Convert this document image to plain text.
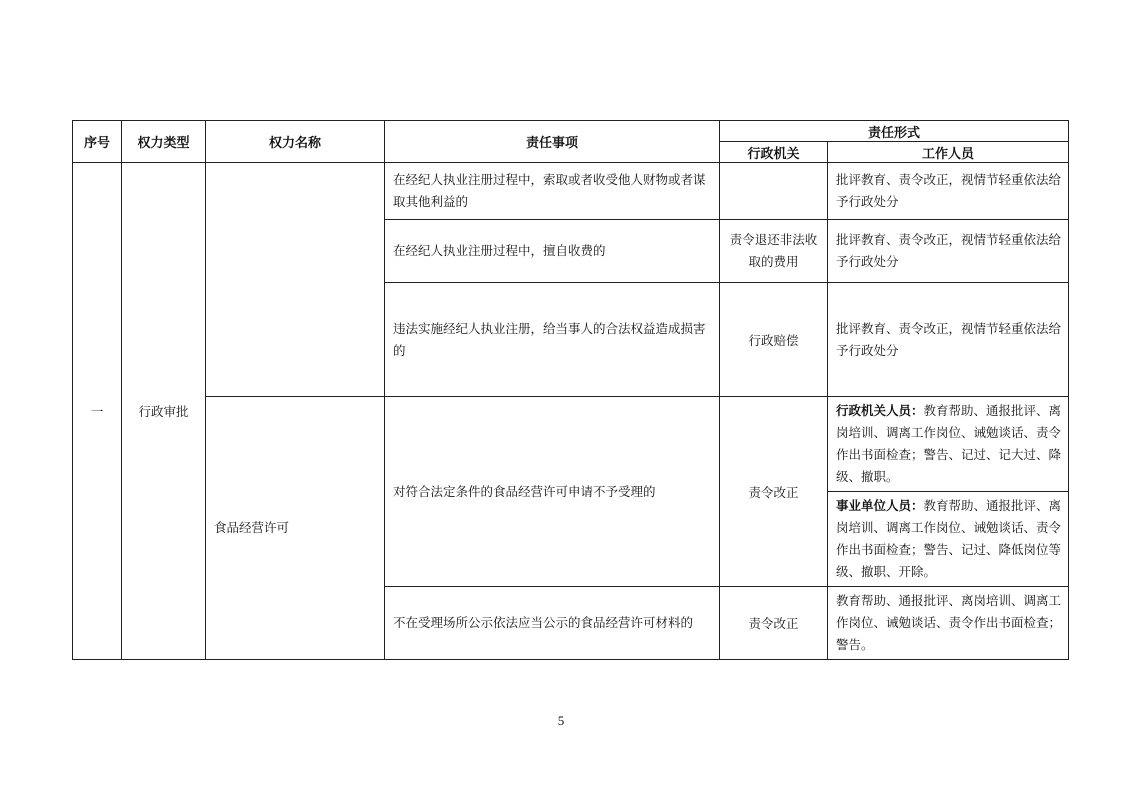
序号	权力类型	权力名称	责任事项	责任形式	
				行政机关	工作人员
一	行政审批		在经纪人执业注册过程中，索取或者收受他人财物或者谋取其他利益的		批评教育、责令改正，视情节轻重依法给予行政处分
			在经纪人执业注册过程中，擅自收费的	责令退还非法收取的费用	批评教育、责令改正，视情节轻重依法给予行政处分
			违法实施经纪人执业注册，给当事人的合法权益造成损害的	行政赔偿	批评教育、责令改正，视情节轻重依法给予行政处分
		食品经营许可	对符合法定条件的食品经营许可申请不予受理的	责令改正	行政机关人员：教育帮助、通报批评、离岗培训、调离工作岗位、诫勉谈话、责令作出书面检查；警告、记过、记大过、降级、撤职。
					事业单位人员：教育帮助、通报批评、离岗培训、调离工作岗位、诫勉谈话、责令作出书面检查；警告、记过、降低岗位等级、撤职、开除。
			不在受理场所公示依法应当公示的食品经营许可材料的	责令改正	教育帮助、通报批评、离岗培训、调离工作岗位、诫勉谈话、责令作出书面检查；警告。
5
